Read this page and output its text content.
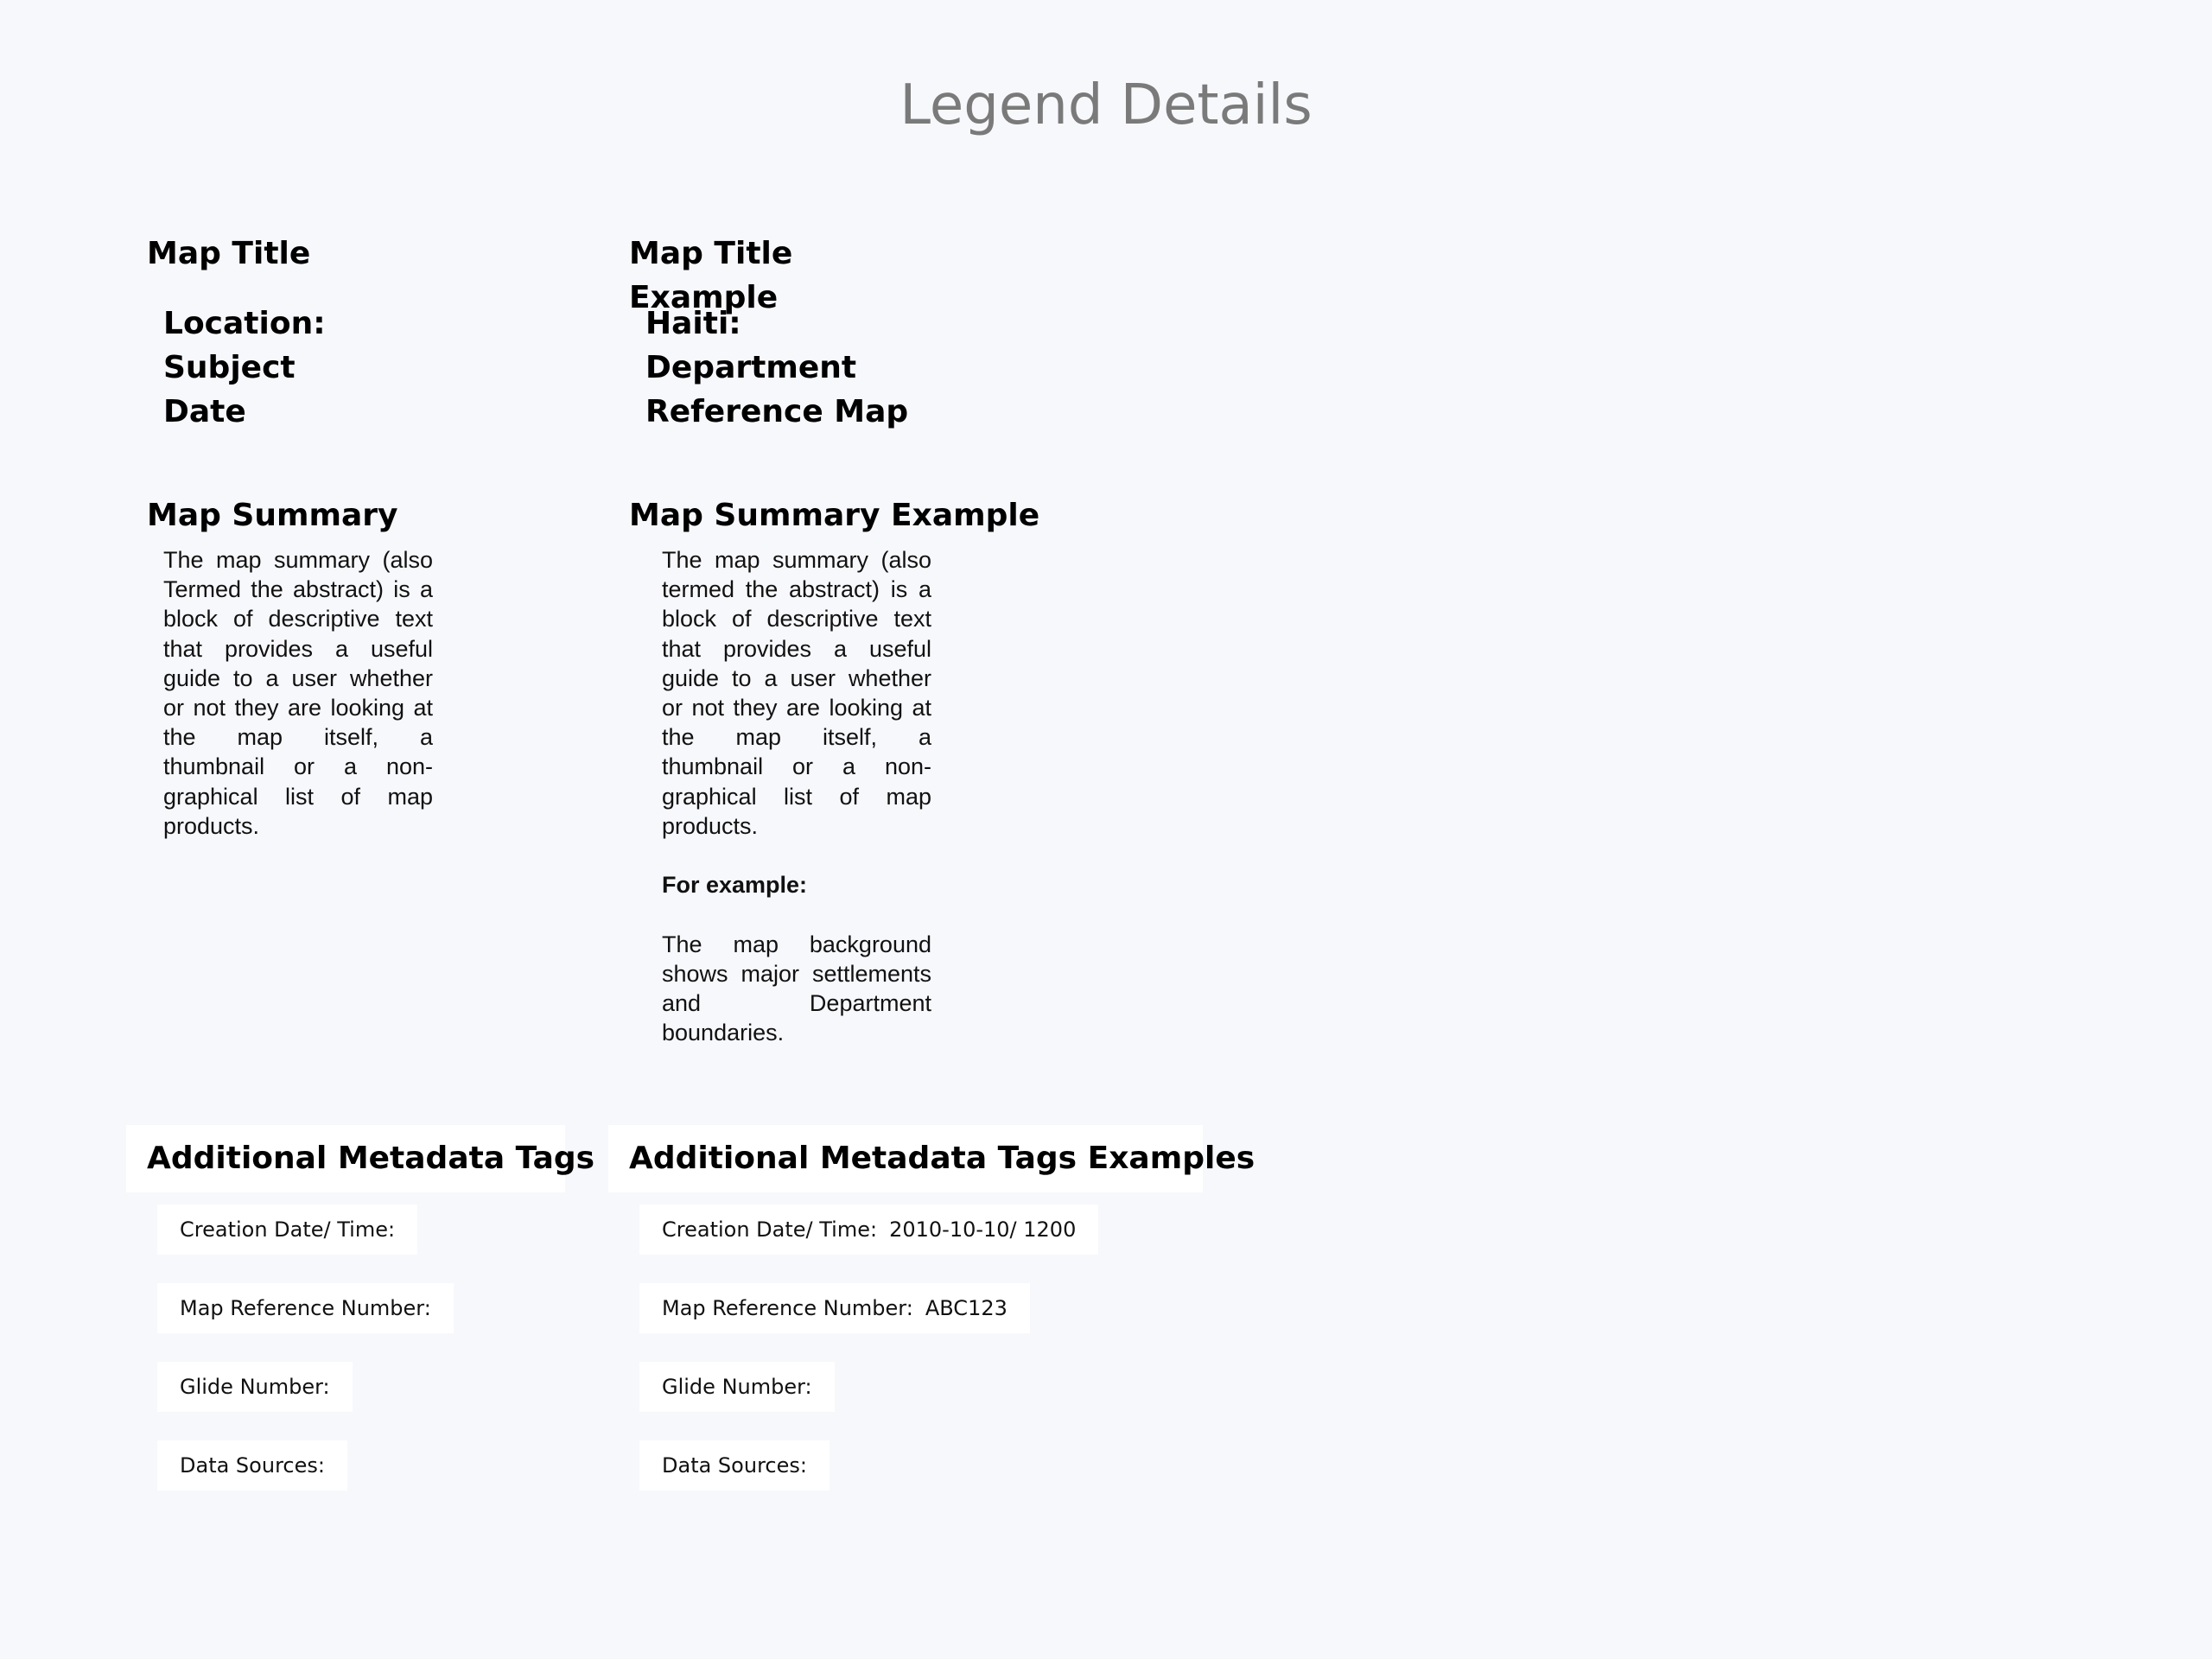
Legend Details
Map Title
Location:
Subject
Date
Map Title Example
Haiti:
Department
Reference Map
Map Summary

The map summary (also Termed the abstract) is a block of descriptive text that provides a useful guide to a user whether or not they are looking at the map itself, a thumbnail or a non-graphical list of map products.

Map Summary Example

The map summary (also termed the abstract) is a block of descriptive text that provides a useful guide to a user whether or not they are looking at the map itself, a thumbnail or a non-graphical list of map products.

For example:

The map background shows major settlements and Department boundaries.

Additional Metadata Tags
Creation Date/ Time:
Map Reference Number:
Glide Number:
Data Sources:
Additional Metadata Tags Examples
Creation Date/ Time: 2010-10-10/ 1200
Map Reference Number: ABC123
Glide Number:
Data Sources:
